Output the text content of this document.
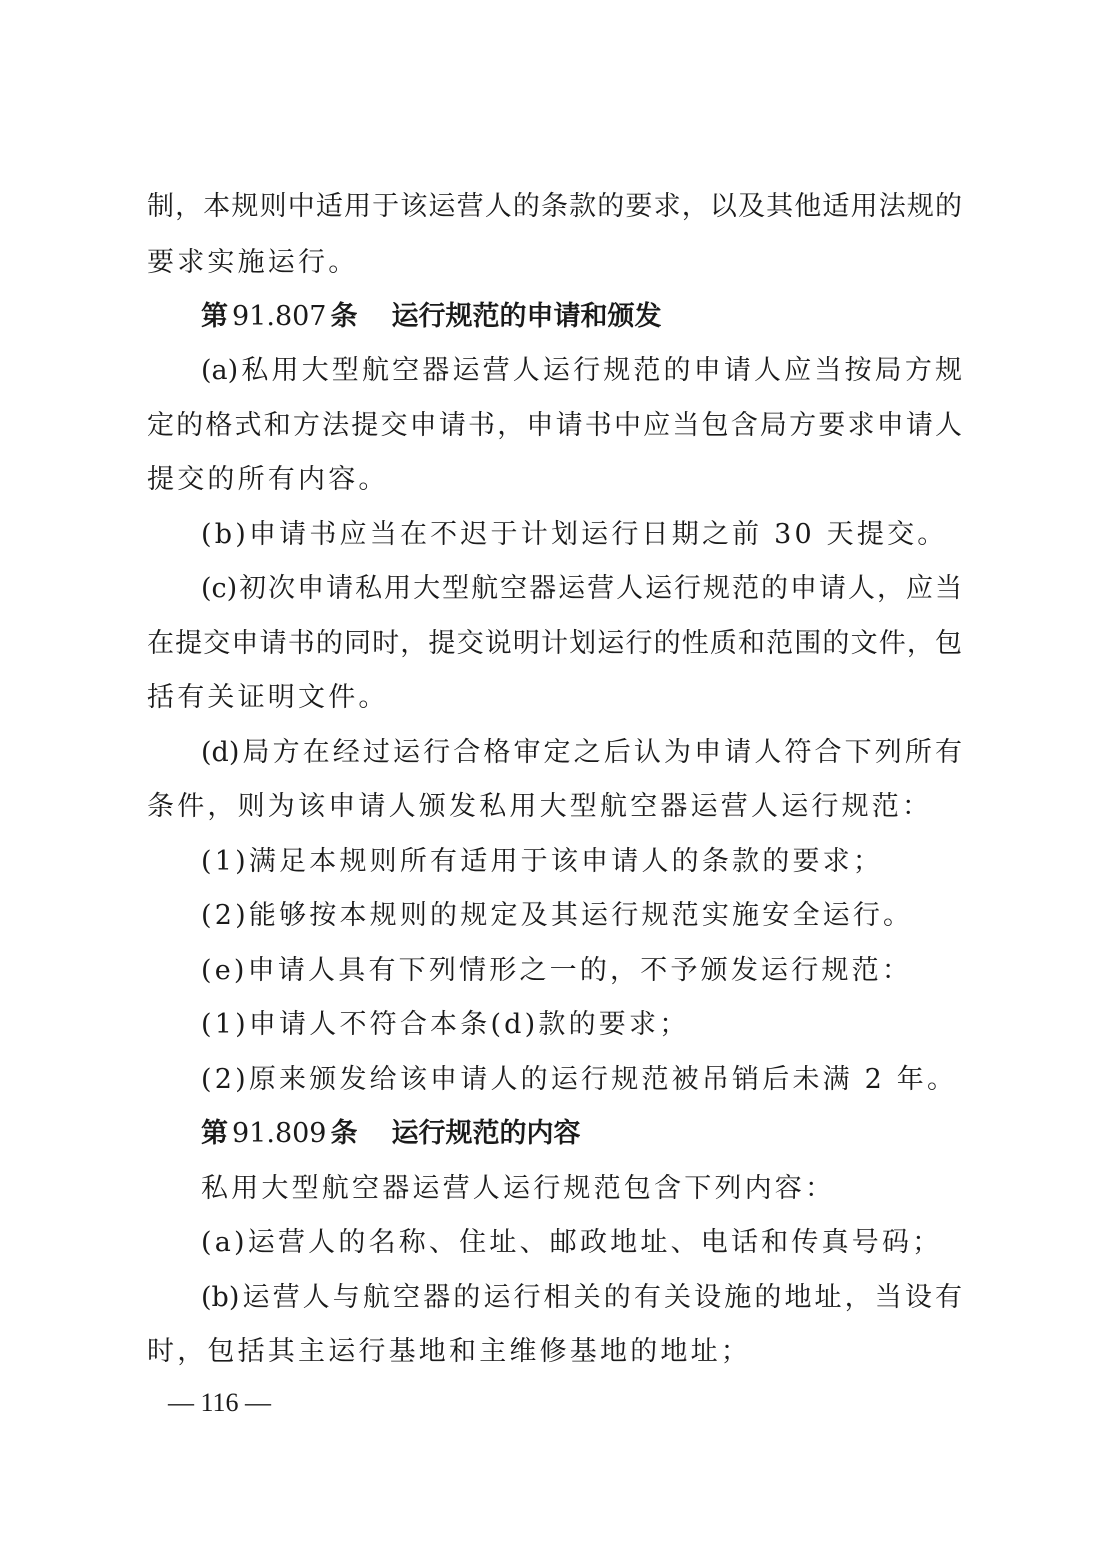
制，本规则中适用于该运营人的条款的要求，以及其他适用法规的
要求实施运行。
第 91.807 条 运行规范的申请和颁发
(a)私用大型航空器运营人运行规范的申请人应当按局方规
定的格式和方法提交申请书，申请书中应当包含局方要求申请人
提交的所有内容。
(b)申请书应当在不迟于计划运行日期之前 30 天提交。
(c)初次申请私用大型航空器运营人运行规范的申请人，应当
在提交申请书的同时，提交说明计划运行的性质和范围的文件，包
括有关证明文件。
(d)局方在经过运行合格审定之后认为申请人符合下列所有
条件，则为该申请人颁发私用大型航空器运营人运行规范：
(1)满足本规则所有适用于该申请人的条款的要求；
(2)能够按本规则的规定及其运行规范实施安全运行。
(e)申请人具有下列情形之一的，不予颁发运行规范：
(1)申请人不符合本条(d)款的要求；
(2)原来颁发给该申请人的运行规范被吊销后未满 2 年。
第 91.809 条 运行规范的内容
私用大型航空器运营人运行规范包含下列内容：
(a)运营人的名称、住址、邮政地址、电话和传真号码；
(b)运营人与航空器的运行相关的有关设施的地址，当设有
时，包括其主运行基地和主维修基地的地址；
— 116 —
